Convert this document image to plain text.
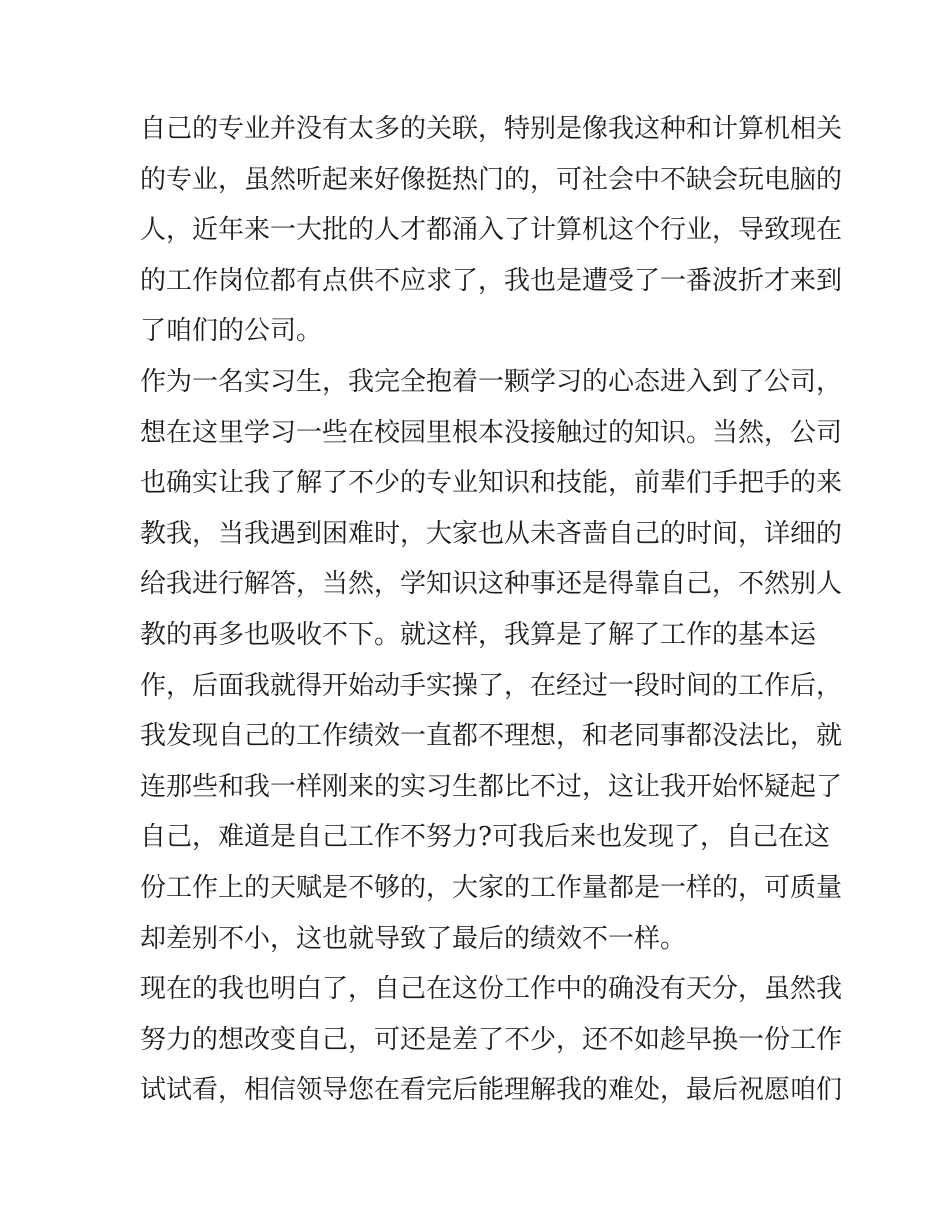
自己的专业并没有太多的关联，特别是像我这种和计算机相关
的专业，虽然听起来好像挺热门的，可社会中不缺会玩电脑的
人，近年来一大批的人才都涌入了计算机这个行业，导致现在
的工作岗位都有点供不应求了，我也是遭受了一番波折才来到
了咱们的公司。
作为一名实习生，我完全抱着一颗学习的心态进入到了公司，
想在这里学习一些在校园里根本没接触过的知识。当然，公司
也确实让我了解了不少的专业知识和技能，前辈们手把手的来
教我，当我遇到困难时，大家也从未吝啬自己的时间，详细的
给我进行解答，当然，学知识这种事还是得靠自己，不然别人
教的再多也吸收不下。就这样，我算是了解了工作的基本运
作，后面我就得开始动手实操了，在经过一段时间的工作后，
我发现自己的工作绩效一直都不理想，和老同事都没法比，就
连那些和我一样刚来的实习生都比不过，这让我开始怀疑起了
自己，难道是自己工作不努力?可我后来也发现了，自己在这
份工作上的天赋是不够的，大家的工作量都是一样的，可质量
却差别不小，这也就导致了最后的绩效不一样。
现在的我也明白了，自己在这份工作中的确没有天分，虽然我
努力的想改变自己，可还是差了不少，还不如趁早换一份工作
试试看，相信领导您在看完后能理解我的难处，最后祝愿咱们
